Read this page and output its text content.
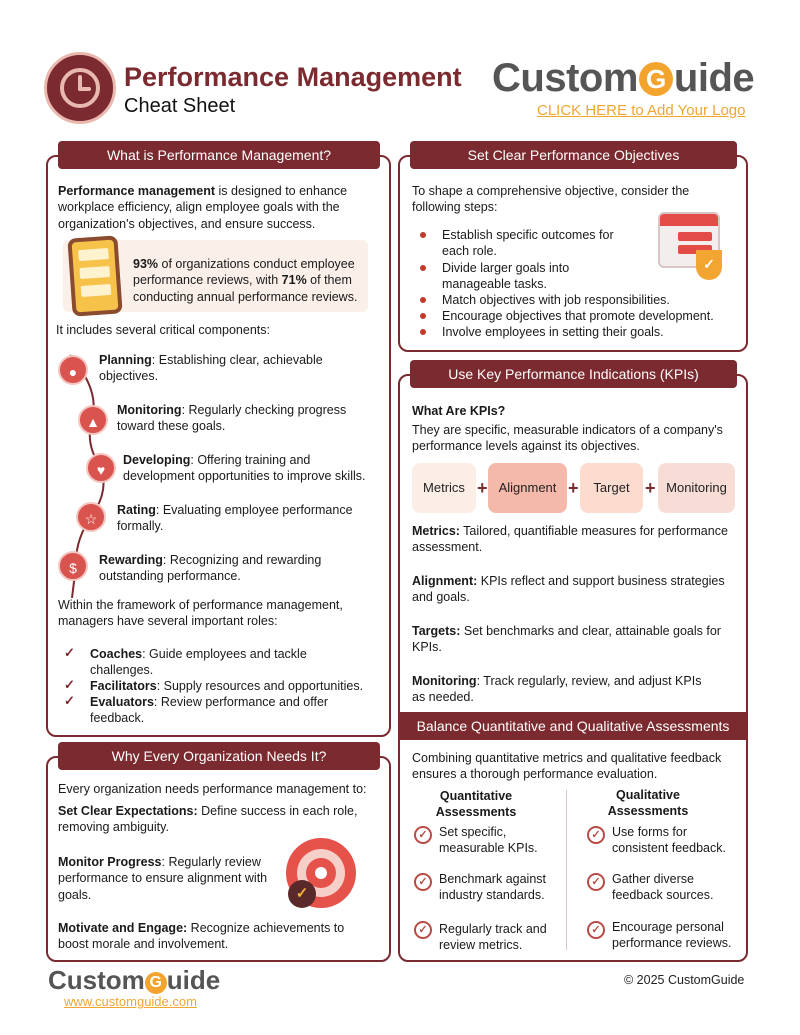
Performance Management
Cheat Sheet
Custom G uide
CLICK HERE to Add Your Logo
What is Performance Management?
Performance management is designed to enhance workplace efficiency, align employee goals with the organization's objectives, and ensure success.
93% of organizations conduct employee performance reviews, with 71% of them conducting annual performance reviews.
It includes several critical components:
●
▲
♥
☆
$
Planning: Establishing clear, achievable objectives.
Monitoring: Regularly checking progress toward these goals.
Developing: Offering training and development opportunities to improve skills.
Rating: Evaluating employee performance formally.
Rewarding: Recognizing and rewarding outstanding performance.
Within the framework of performance management, managers have several important roles:
✓
✓
✓
Coaches: Guide employees and tackle challenges.
Facilitators: Supply resources and opportunities.
Evaluators: Review performance and offer feedback.
Why Every Organization Needs It?
Every organization needs performance management to:
Set Clear Expectations: Define success in each role, removing ambiguity.
Monitor Progress: Regularly review performance to ensure alignment with goals.
Motivate and Engage: Recognize achievements to boost morale and involvement.
✓
Set Clear Performance Objectives
To shape a comprehensive objective, consider the following steps:
✓
Establish specific outcomes for each role.
Divide larger goals into manageable tasks.
Match objectives with job responsibilities.
Encourage objectives that promote development.
Involve employees in setting their goals.
Use Key Performance Indications (KPIs)
What Are KPIs?
They are specific, measurable indicators of a company's performance levels against its objectives.
Metrics + Alignment +	Target + Monitoring
Metrics: Tailored, quantifiable measures for performance assessment.
Alignment: KPIs reflect and support business strategies and goals.
Targets: Set benchmarks and clear, attainable goals for KPIs.
Monitoring: Track regularly, review, and adjust KPIs as needed.
Balance Quantitative and Qualitative Assessments
Combining quantitative metrics and qualitative feedback ensures a thorough performance evaluation.
Quantitative Assessments
Qualitative Assessments
✓
✓
✓
Set specific, measurable KPIs.
Benchmark against industry standards.
Regularly track and review metrics.
✓
✓
✓
Use forms for consistent feedback.
Gather diverse feedback sources.
Encourage personal performance reviews.
Custom G uide
www.customguide.com
© 2025 CustomGuide
